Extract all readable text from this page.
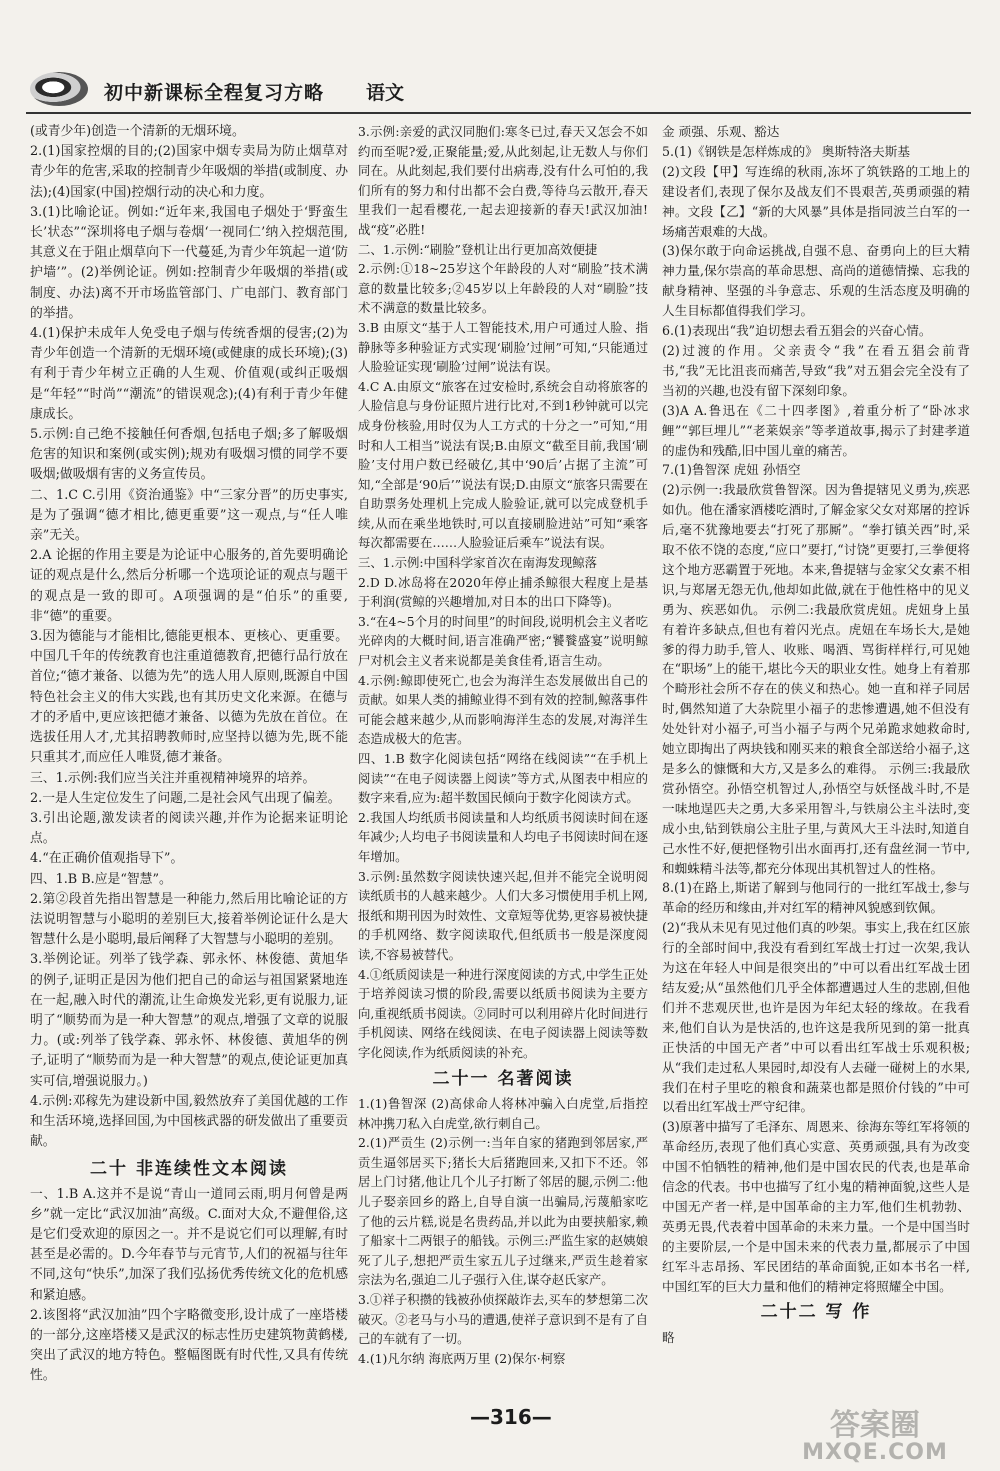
初中新课标全程复习方略 语文

(或青少年)创造一个清新的无烟环境。

2.(1)国家控烟的目的;(2)国家中烟专卖局为防止烟草对青少年的危害,采取的控制青少年吸烟的举措(或制度、办法);(4)国家(中国)控烟行动的决心和力度。

3.(1)比喻论证。例如:“近年来,我国电子烟处于‘野蛮生长’状态”“深圳将电子烟与卷烟‘一视同仁’纳入控烟范围,其意义在于阻止烟草向下一代蔓延,为青少年筑起一道‘防护墙’”。(2)举例论证。例如:控制青少年吸烟的举措(或制度、办法)离不开市场监管部门、广电部门、教育部门的举措。

4.(1)保护未成年人免受电子烟与传统香烟的侵害;(2)为青少年创造一个清新的无烟环境(或健康的成长环境);(3)有利于青少年树立正确的人生观、价值观(或纠正吸烟是“年轻”“时尚”“潮流”的错误观念);(4)有利于青少年健康成长。

5.示例:自己绝不接触任何香烟,包括电子烟;多了解吸烟危害的知识和案例(或实例);规劝有吸烟习惯的同学不要吸烟;做吸烟有害的义务宣传员。

二、1.C C.引用《资治通鉴》中“三家分晋”的历史事实,是为了强调“德才相比,德更重要”这一观点,与“任人唯亲”无关。

2.A 论据的作用主要是为论证中心服务的,首先要明确论证的观点是什么,然后分析哪一个选项论证的观点与题干的观点是一致的即可。A项强调的是“伯乐”的重要,非“德”的重要。

3.因为德能与才能相比,德能更根本、更核心、更重要。中国几千年的传统教育也注重道德教育,把德行品行放在首位;“德才兼备、以德为先”的选人用人原则,既源自中国特色社会主义的伟大实践,也有其历史文化来源。在德与才的矛盾中,更应该把德才兼备、以德为先放在首位。在选拔任用人才,尤其招聘教师时,应坚持以德为先,既不能只重其才,而应任人唯贤,德才兼备。

三、1.示例:我们应当关注并重视精神境界的培养。

2.一是人生定位发生了问题,二是社会风气出现了偏差。

3.引出论题,激发读者的阅读兴趣,并作为论据来证明论点。

4.“在正确价值观指导下”。

四、1.B B.应是“智慧”。

2.第②段首先指出智慧是一种能力,然后用比喻论证的方法说明智慧与小聪明的差别巨大,接着举例论证什么是大智慧什么是小聪明,最后阐释了大智慧与小聪明的差别。

3.举例论证。列举了钱学森、郭永怀、林俊德、黄旭华的例子,证明正是因为他们把自己的命运与祖国紧紧地连在一起,融入时代的潮流,让生命焕发光彩,更有说服力,证明了“顺势而为是一种大智慧”的观点,增强了文章的说服力。(或:列举了钱学森、郭永怀、林俊德、黄旭华的例子,证明了“顺势而为是一种大智慧”的观点,使论证更加真实可信,增强说服力。)

4.示例:邓稼先为建设新中国,毅然放弃了美国优越的工作和生活环境,选择回国,为中国核武器的研发做出了重要贡献。

二十 非连续性文本阅读

一、1.B A.这并不是说“青山一道同云雨,明月何曾是两乡”就一定比“武汉加油”高级。C.面对大众,不避俚俗,这是它们受欢迎的原因之一。并不是说它们可以理解,有时甚至是必需的。D.今年春节与元宵节,人们的祝福与往年不同,这句“快乐”,加深了我们弘扬优秀传统文化的危机感和紧迫感。

2.该图将“武汉加油”四个字略微变形,设计成了一座塔楼的一部分,这座塔楼又是武汉的标志性历史建筑物黄鹤楼,突出了武汉的地方特色。整幅图既有时代性,又具有传统性。

3.示例:亲爱的武汉同胞们:寒冬已过,春天又怎会不如约而至呢?爱,正聚能量;爱,从此刻起,让无数人与你们同在。从此刻起,我们要付出病毒,没有什么可怕的,我们所有的努力和付出都不会白费,等待乌云散开,春天里我们一起看樱花,一起去迎接新的春天!武汉加油!战“疫”必胜!

二、1.示例:“刷脸”登机让出行更加高效便捷

2.示例:①18~25岁这个年龄段的人对“刷脸”技术满意的数量比较多;②45岁以上年龄段的人对“刷脸”技术不满意的数量比较多。

3.B 由原文“基于人工智能技术,用户可通过人脸、指静脉等多种验证方式实现‘刷脸’过闸”可知,“只能通过人脸验证实现‘刷脸’过闸”说法有误。

4.C A.由原文“旅客在过安检时,系统会自动将旅客的人脸信息与身份证照片进行比对,不到1秒钟就可以完成身份核验,用时仅为人工方式的十分之一”可知,“用时和人工相当”说法有误;B.由原文“截至目前,我国‘刷脸’支付用户数已经破亿,其中‘90后’占据了主流”可知,“全部是‘90后’”说法有误;D.由原文“旅客只需要在自助票务处理机上完成人脸验证,就可以完成登机手续,从而在乘坐地铁时,可以直接刷脸进站”可知“乘客每次都需要在……人脸验证后乘车”说法有误。

三、1.示例:中国科学家首次在南海发现鲸落

2.D D.冰岛将在2020年停止捕杀鲸很大程度上是基于利润(赏鲸的兴趣增加,对日本的出口下降等)。

3.“在4~5个月的时间里”的时间段,说明机会主义者吃光碎肉的大概时间,语言准确严密;“饕餮盛宴”说明鲸尸对机会主义者来说都是美食佳肴,语言生动。

4.示例:鲸即使死亡,也会为海洋生态发展做出自己的贡献。如果人类的捕鲸业得不到有效的控制,鲸落事件可能会越来越少,从而影响海洋生态的发展,对海洋生态造成极大的危害。

四、1.B 数字化阅读包括“网络在线阅读”“在手机上阅读”“在电子阅读器上阅读”等方式,从图表中相应的数字来看,应为:超半数国民倾向于数字化阅读方式。

2.我国人均纸质书阅读量和人均纸质书阅读时间在逐年减少;人均电子书阅读量和人均电子书阅读时间在逐年增加。

3.示例:虽然数字阅读快速兴起,但并不能完全说明阅读纸质书的人越来越少。人们大多习惯使用手机上网,报纸和期刊因为时效性、文章短等优势,更容易被快捷的手机网络、数字阅读取代,但纸质书一般是深度阅读,不容易被替代。

4.①纸质阅读是一种进行深度阅读的方式,中学生正处于培养阅读习惯的阶段,需要以纸质书阅读为主要方向,重视纸质书阅读。②同时可以利用碎片化时间进行手机阅读、网络在线阅读、在电子阅读器上阅读等数字化阅读,作为纸质阅读的补充。

二十一 名著阅读

1.(1)鲁智深 (2)高俅命人将林冲骗入白虎堂,后指控林冲携刀私入白虎堂,欲行刺自己。

2.(1)严贡生 (2)示例一:当年自家的猪跑到邻居家,严贡生逼邻居买下;猪长大后猪跑回来,又扣下不还。邻居上门讨猪,他让几个儿子打断了邻居的腿,示例二:他儿子娶亲回乡的路上,自导自演一出骗局,污蔑船家吃了他的云片糕,说是名贵药品,并以此为由要挟船家,赖了船家十二两银子的船钱。示例三:严监生家的赵姨娘死了儿子,想把严贡生家五儿子过继来,严贡生趁着家宗法为名,强迫二儿子强行入住,谋夺赵氏家产。

3.①祥子积攒的钱被孙侦探敲诈去,买车的梦想第二次破灭。②老马与小马的遭遇,使祥子意识到不是有了自己的车就有了一切。

4.(1)凡尔纳 海底两万里 (2)保尔·柯察

金 顽强、乐观、豁达

5.(1)《钢铁是怎样炼成的》 奥斯特洛夫斯基

(2)文段【甲】写连绵的秋雨,冻坏了筑铁路的工地上的建设者们,表现了保尔及战友们不畏艰苦,英勇顽强的精神。文段【乙】“新的大风暴”具体是指同波兰白军的一场痛苦艰难的大战。

(3)保尔敢于向命运挑战,自强不息、奋勇向上的巨大精神力量,保尔崇高的革命思想、高尚的道德情操、忘我的献身精神、坚强的斗争意志、乐观的生活态度及明确的人生目标都值得我们学习。

6.(1)表现出“我”迫切想去看五猖会的兴奋心情。

(2)过渡的作用。父亲责令“我”在看五猖会前背书,“我”无比沮丧而痛苦,导致“我”对五猖会完全没有了当初的兴趣,也没有留下深刻印象。

(3)A A.鲁迅在《二十四孝图》,着重分析了“卧冰求鲤”“郭巨埋儿”“老莱娱亲”等孝道故事,揭示了封建孝道的虚伪和残酷,旧中国儿童的痛苦。

7.(1)鲁智深 虎妞 孙悟空

(2)示例一:我最欣赏鲁智深。因为鲁提辖见义勇为,疾恶如仇。他在潘家酒楼吃酒时,了解金家父女对郑屠的控诉后,毫不犹豫地要去“打死了那厮”。“拳打镇关西”时,采取不依不饶的态度,“应口”要打,“讨饶”更要打,三拳便将这个地方恶霸置于死地。本来,鲁提辖与金家父女素不相识,与郑屠无怨无仇,他却如此做,就在于他性格中的见义勇为、疾恶如仇。 示例二:我最欣赏虎妞。虎妞身上虽有着许多缺点,但也有着闪光点。虎妞在车场长大,是她爹的得力助手,管人、收账、喝酒、骂街样样行,可见她在“职场”上的能干,堪比今天的职业女性。她身上有着那个畸形社会所不存在的侠义和热心。她一直和祥子同居时,偶然知道了大杂院里小福子的悲惨遭遇,她不但没有处处针对小福子,可当小福子与两个兄弟跪求她救命时,她立即掏出了两块钱和刚买来的粮食全部送给小福子,这是多么的慷慨和大方,又是多么的难得。 示例三:我最欣赏孙悟空。孙悟空机智过人,孙悟空与妖怪战斗时,不是一味地逞匹夫之勇,大多采用智斗,与铁扇公主斗法时,变成小虫,钻到铁扇公主肚子里,与黄风大王斗法时,知道自己水性不好,便把怪物引出水面再打,还有盘丝洞一节中,和蜘蛛精斗法等,都充分体现出其机智过人的性格。

8.(1)在路上,斯诺了解到与他同行的一批红军战士,参与革命的经历和缘由,并对红军的精神风貌感到钦佩。

(2)“我从未见有见过他们真的吵架。事实上,我在红区旅行的全部时间中,我没有看到红军战士打过一次架,我认为这在年轻人中间是很突出的”中可以看出红军战士团结友爱;从“虽然他们几乎全体都遭遇过人生的悲剧,但他们并不悲观厌世,也许是因为年纪太轻的缘故。在我看来,他们自认为是快活的,也许这是我所见到的第一批真正快活的中国无产者”中可以看出红军战士乐观积极;从“我们走过私人果园时,却没有人去碰一碰树上的水果,我们在村子里吃的粮食和蔬菜也都是照价付钱的”中可以看出红军战士严守纪律。

(3)原著中描写了毛泽东、周恩来、徐海东等红军将领的革命经历,表现了他们真心实意、英勇顽强,具有为改变中国不怕牺牲的精神,他们是中国农民的代表,也是革命信念的代表。书中也描写了红小鬼的精神面貌,这些人是中国无产者一样,是中国革命的主力军,他们生机勃勃、英勇无畏,代表着中国革命的未来力量。一个是中国当时的主要阶层,一个是中国未来的代表力量,都展示了中国红军斗志昂扬、军民团结的革命面貌,正如本书名一样,中国红军的巨大力量和他们的精神定将照耀全中国。

二十二 写 作

略

—316—	答案圈
MXQE.COM
